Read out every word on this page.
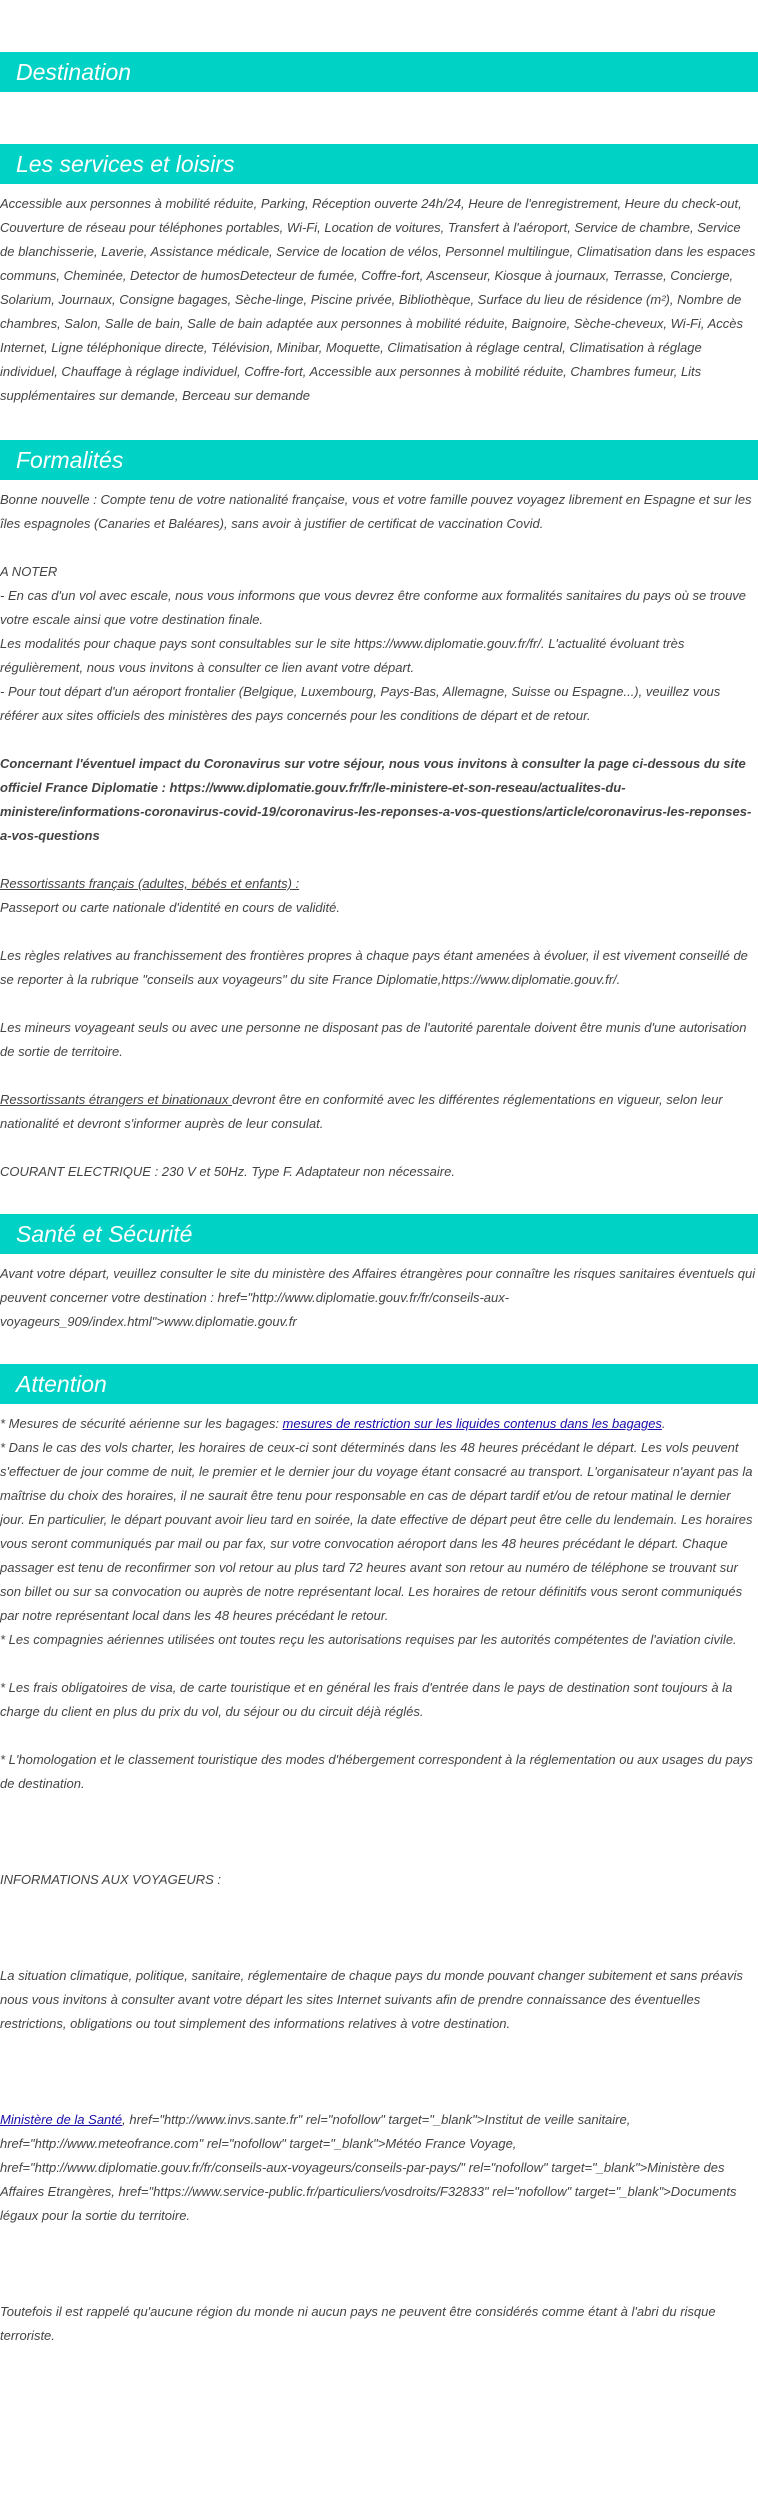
Destination
Les services et loisirs

Accessible aux personnes à mobilité réduite, Parking, Réception ouverte 24h/24, Heure de l'enregistrement, Heure du check-out, Couverture de réseau pour téléphones portables, Wi-Fi, Location de voitures, Transfert à l'aéroport, Service de chambre, Service de blanchisserie, Laverie, Assistance médicale, Service de location de vélos, Personnel multilingue, Climatisation dans les espaces communs, Cheminée, Detector de humosDetecteur de fumée, Coffre-fort, Ascenseur, Kiosque à journaux, Terrasse, Concierge, Solarium, Journaux, Consigne bagages, Sèche-linge, Piscine privée, Bibliothèque, Surface du lieu de résidence (m²), Nombre de chambres, Salon, Salle de bain, Salle de bain adaptée aux personnes à mobilité réduite, Baignoire, Sèche-cheveux, Wi-Fi, Accès Internet, Ligne téléphonique directe, Télévision, Minibar, Moquette, Climatisation à réglage central, Climatisation à réglage individuel, Chauffage à réglage individuel, Coffre-fort, Accessible aux personnes à mobilité réduite, Chambres fumeur, Lits supplémentaires sur demande, Berceau sur demande

Formalités

Bonne nouvelle : Compte tenu de votre nationalité française, vous et votre famille pouvez voyagez librement en Espagne et sur les îles espagnoles (Canaries et Baléares), sans avoir à justifier de certificat de vaccination Covid.

A NOTER

- En cas d'un vol avec escale, nous vous informons que vous devrez être conforme aux formalités sanitaires du pays où se trouve votre escale ainsi que votre destination finale.

Les modalités pour chaque pays sont consultables sur le site https://www.diplomatie.gouv.fr/fr/. L'actualité évoluant très régulièrement, nous vous invitons à consulter ce lien avant votre départ.

- Pour tout départ d'un aéroport frontalier (Belgique, Luxembourg, Pays-Bas, Allemagne, Suisse ou Espagne...), veuillez vous référer aux sites officiels des ministères des pays concernés pour les conditions de départ et de retour.

Concernant l'éventuel impact du Coronavirus sur votre séjour, nous vous invitons à consulter la page ci-dessous du site officiel France Diplomatie : https://www.diplomatie.gouv.fr/fr/le-ministere-et-son-reseau/actualites-du-ministere/informations-coronavirus-covid-19/coronavirus-les-reponses-a-vos-questions/article/coronavirus-les-reponses-a-vos-questions

Ressortissants français (adultes, bébés et enfants) :

Passeport ou carte nationale d'identité en cours de validité.

Les règles relatives au franchissement des frontières propres à chaque pays étant amenées à évoluer, il est vivement conseillé de se reporter à la rubrique "conseils aux voyageurs" du site France Diplomatie,https://www.diplomatie.gouv.fr/.

Les mineurs voyageant seuls ou avec une personne ne disposant pas de l'autorité parentale doivent être munis d'une autorisation de sortie de territoire.

Ressortissants étrangers et binationaux devront être en conformité avec les différentes réglementations en vigueur, selon leur nationalité et devront s'informer auprès de leur consulat.

COURANT ELECTRIQUE : 230 V et 50Hz. Type F. Adaptateur non nécessaire.

Santé et Sécurité

Avant votre départ, veuillez consulter le site du ministère des Affaires étrangères pour connaître les risques sanitaires éventuels qui peuvent concerner votre destination : href="http://www.diplomatie.gouv.fr/fr/conseils-aux-voyageurs_909/index.html">www.diplomatie.gouv.fr

Attention

* Mesures de sécurité aérienne sur les bagages: mesures de restriction sur les liquides contenus dans les bagages.

* Dans le cas des vols charter, les horaires de ceux-ci sont déterminés dans les 48 heures précédant le départ. Les vols peuvent s'effectuer de jour comme de nuit, le premier et le dernier jour du voyage étant consacré au transport. L'organisateur n'ayant pas la maîtrise du choix des horaires, il ne saurait être tenu pour responsable en cas de départ tardif et/ou de retour matinal le dernier jour. En particulier, le départ pouvant avoir lieu tard en soirée, la date effective de départ peut être celle du lendemain. Les horaires vous seront communiqués par mail ou par fax, sur votre convocation aéroport dans les 48 heures précédant le départ. Chaque passager est tenu de reconfirmer son vol retour au plus tard 72 heures avant son retour au numéro de téléphone se trouvant sur son billet ou sur sa convocation ou auprès de notre représentant local. Les horaires de retour définitifs vous seront communiqués par notre représentant local dans les 48 heures précédant le retour.

* Les compagnies aériennes utilisées ont toutes reçu les autorisations requises par les autorités compétentes de l'aviation civile.

* Les frais obligatoires de visa, de carte touristique et en général les frais d'entrée dans le pays de destination sont toujours à la charge du client en plus du prix du vol, du séjour ou du circuit déjà réglés.

* L'homologation et le classement touristique des modes d'hébergement correspondent à la réglementation ou aux usages du pays de destination.

INFORMATIONS AUX VOYAGEURS :

La situation climatique, politique, sanitaire, réglementaire de chaque pays du monde pouvant changer subitement et sans préavis

nous vous invitons à consulter avant votre départ les sites Internet suivants afin de prendre connaissance des éventuelles restrictions, obligations ou tout simplement des informations relatives à votre destination.

Ministère de la Santé, href="http://www.invs.sante.fr" rel="nofollow" target="_blank">Institut de veille sanitaire, href="http://www.meteofrance.com" rel="nofollow" target="_blank">Météo France Voyage, href="http://www.diplomatie.gouv.fr/fr/conseils-aux-voyageurs/conseils-par-pays/" rel="nofollow" target="_blank">Ministère des Affaires Etrangères, href="https://www.service-public.fr/particuliers/vosdroits/F32833" rel="nofollow" target="_blank">Documents légaux pour la sortie du territoire.

Toutefois il est rappelé qu'aucune région du monde ni aucun pays ne peuvent être considérés comme étant à l'abri du risque terroriste.
